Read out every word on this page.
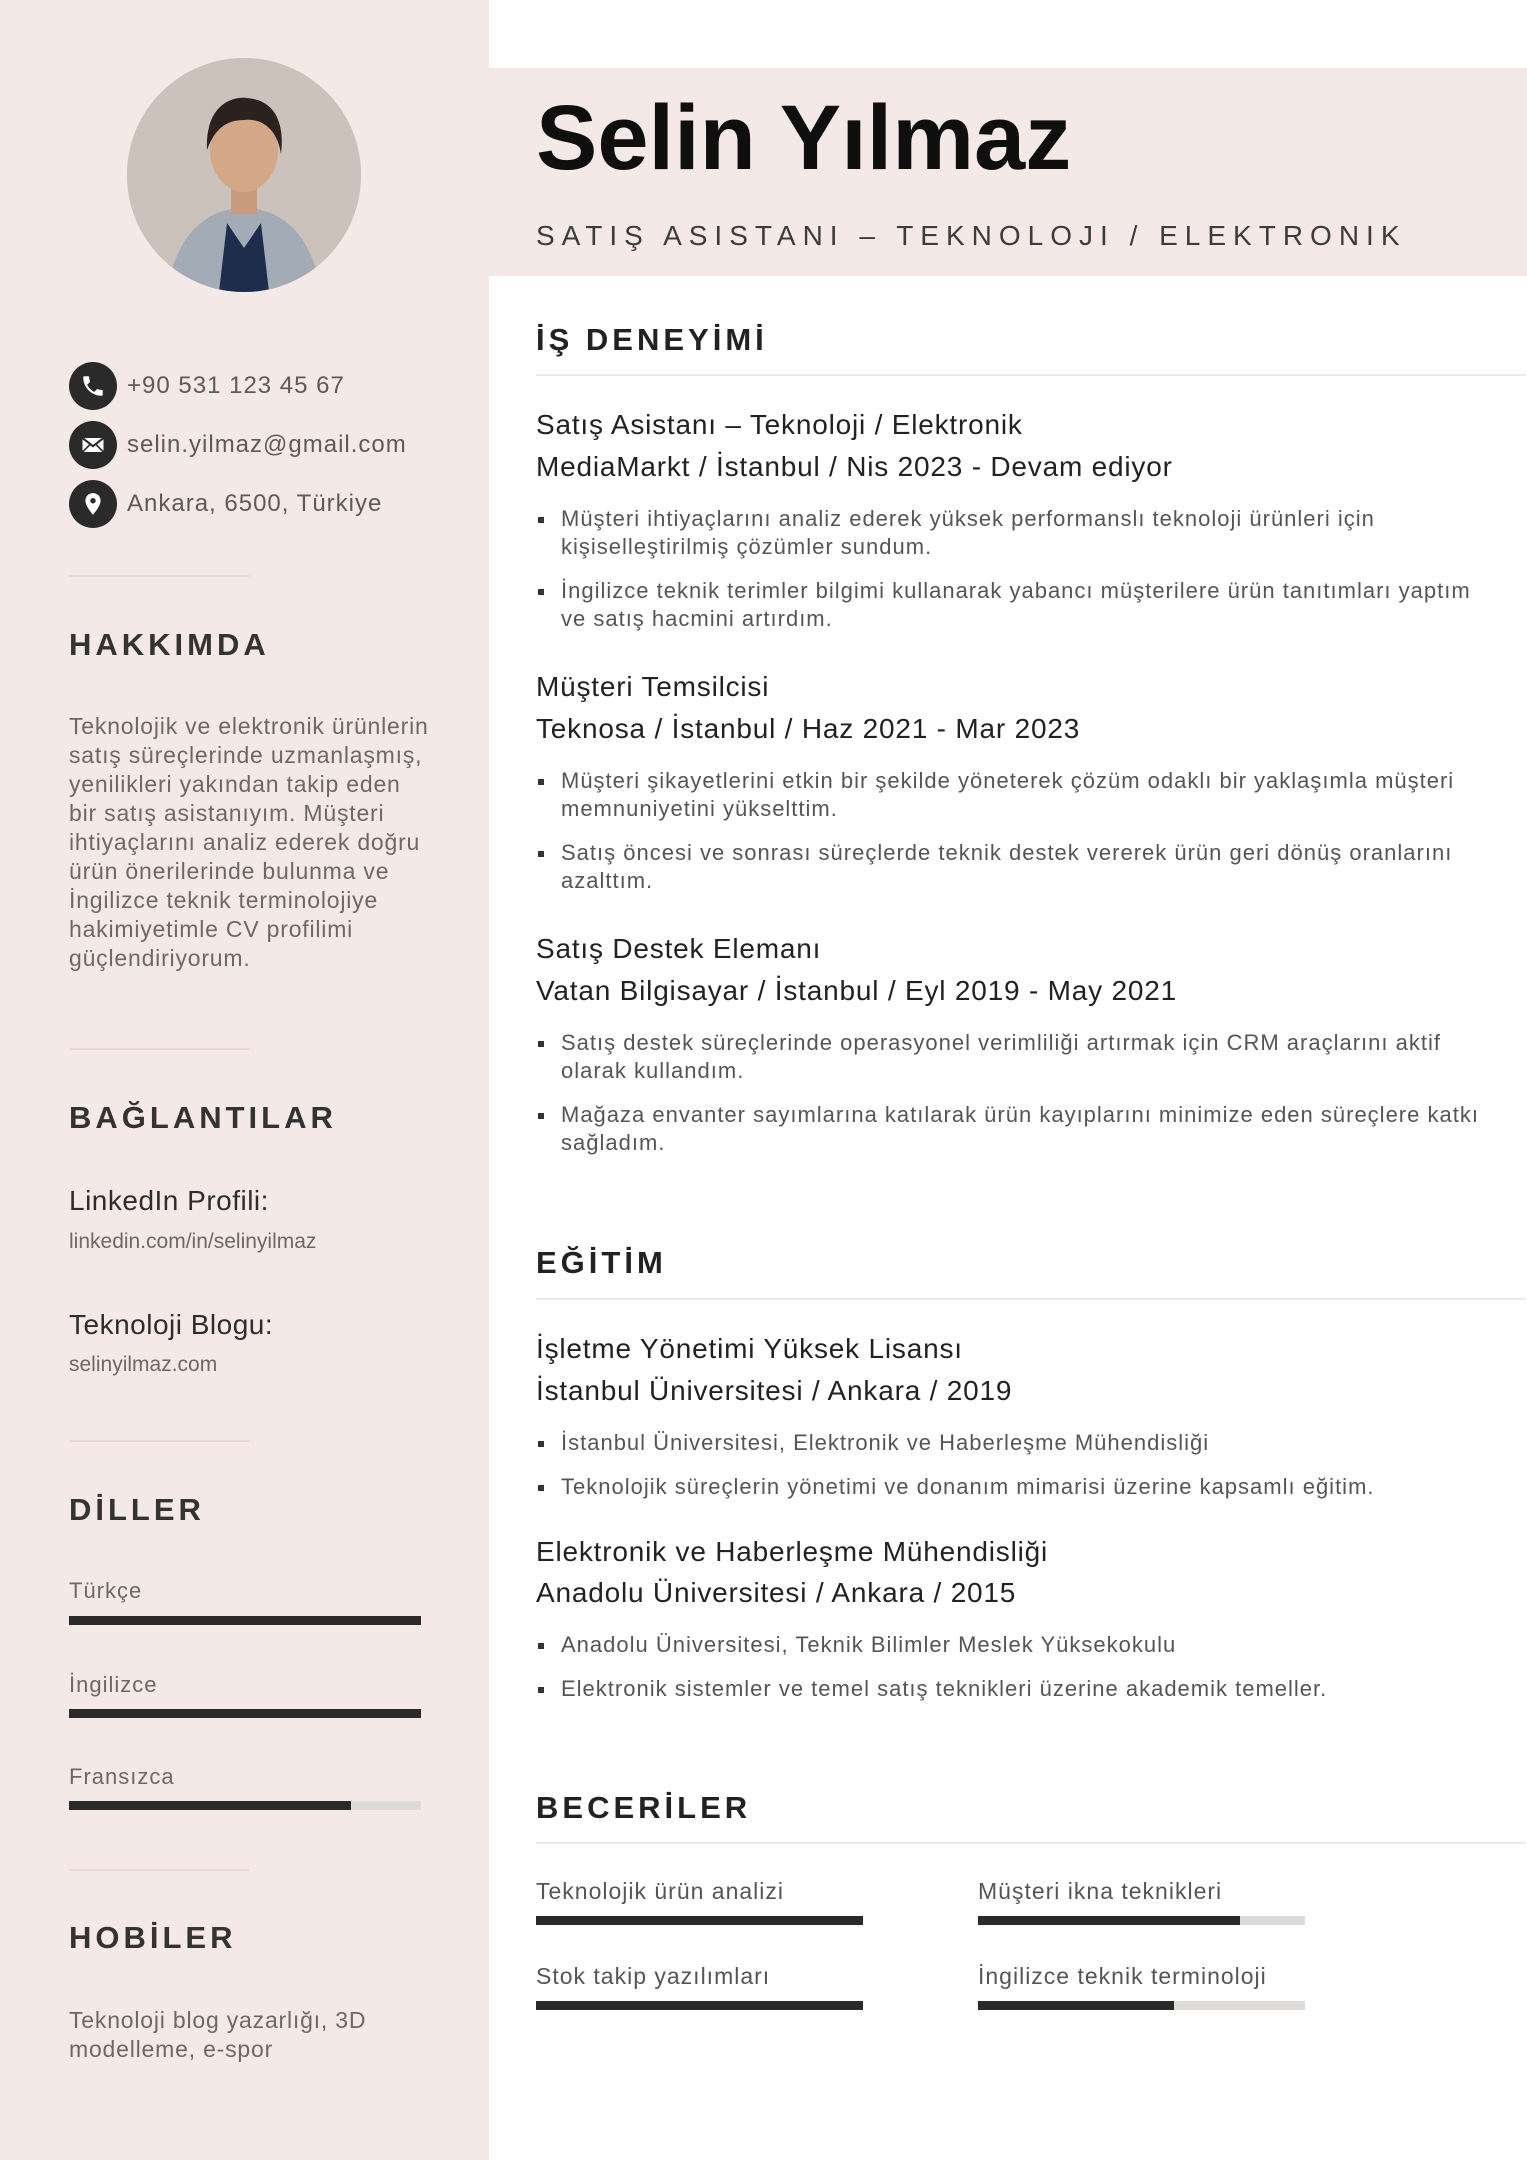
+90 531 123 45 67
selin.yilmaz@gmail.com
Ankara, 6500, Türkiye
HAKKIMDA
Teknolojik ve elektronik ürünlerin satış süreçlerinde uzmanlaşmış, yenilikleri yakından takip eden bir satış asistanıyım. Müşteri ihtiyaçlarını analiz ederek doğru ürün önerilerinde bulunma ve İngilizce teknik terminolojiye hakimiyetimle CV profilimi güçlendiriyorum.
BAĞLANTILAR
LinkedIn Profili:
linkedin.com/in/selinyilmaz
Teknoloji Blogu:
selinyilmaz.com
DİLLER
Türkçe
İngilizce
Fransızca
HOBİLER
Teknoloji blog yazarlığı, 3D modelleme, e-spor
Selin Yılmaz
SATIŞ ASISTANI – TEKNOLOJI / ELEKTRONIK
İŞ DENEYİMİ
Satış Asistanı – Teknoloji / Elektronik
MediaMarkt / İstanbul / Nis 2023 - Devam ediyor
Müşteri ihtiyaçlarını analiz ederek yüksek performanslı teknoloji ürünleri için kişiselleştirilmiş çözümler sundum.
İngilizce teknik terimler bilgimi kullanarak yabancı müşterilere ürün tanıtımları yaptım ve satış hacmini artırdım.
Müşteri Temsilcisi
Teknosa / İstanbul / Haz 2021 - Mar 2023
Müşteri şikayetlerini etkin bir şekilde yöneterek çözüm odaklı bir yaklaşımla müşteri memnuniyetini yükselttim.
Satış öncesi ve sonrası süreçlerde teknik destek vererek ürün geri dönüş oranlarını azalttım.
Satış Destek Elemanı
Vatan Bilgisayar / İstanbul / Eyl 2019 - May 2021
Satış destek süreçlerinde operasyonel verimliliği artırmak için CRM araçlarını aktif olarak kullandım.
Mağaza envanter sayımlarına katılarak ürün kayıplarını minimize eden süreçlere katkı sağladım.
EĞİTİM
İşletme Yönetimi Yüksek Lisansı
İstanbul Üniversitesi / Ankara / 2019
İstanbul Üniversitesi, Elektronik ve Haberleşme Mühendisliği
Teknolojik süreçlerin yönetimi ve donanım mimarisi üzerine kapsamlı eğitim.
Elektronik ve Haberleşme Mühendisliği
Anadolu Üniversitesi / Ankara / 2015
Anadolu Üniversitesi, Teknik Bilimler Meslek Yüksekokulu
Elektronik sistemler ve temel satış teknikleri üzerine akademik temeller.
BECERİLER
Teknolojik ürün analizi	Müşteri ikna teknikleri
Stok takip yazılımları	İngilizce teknik terminoloji
